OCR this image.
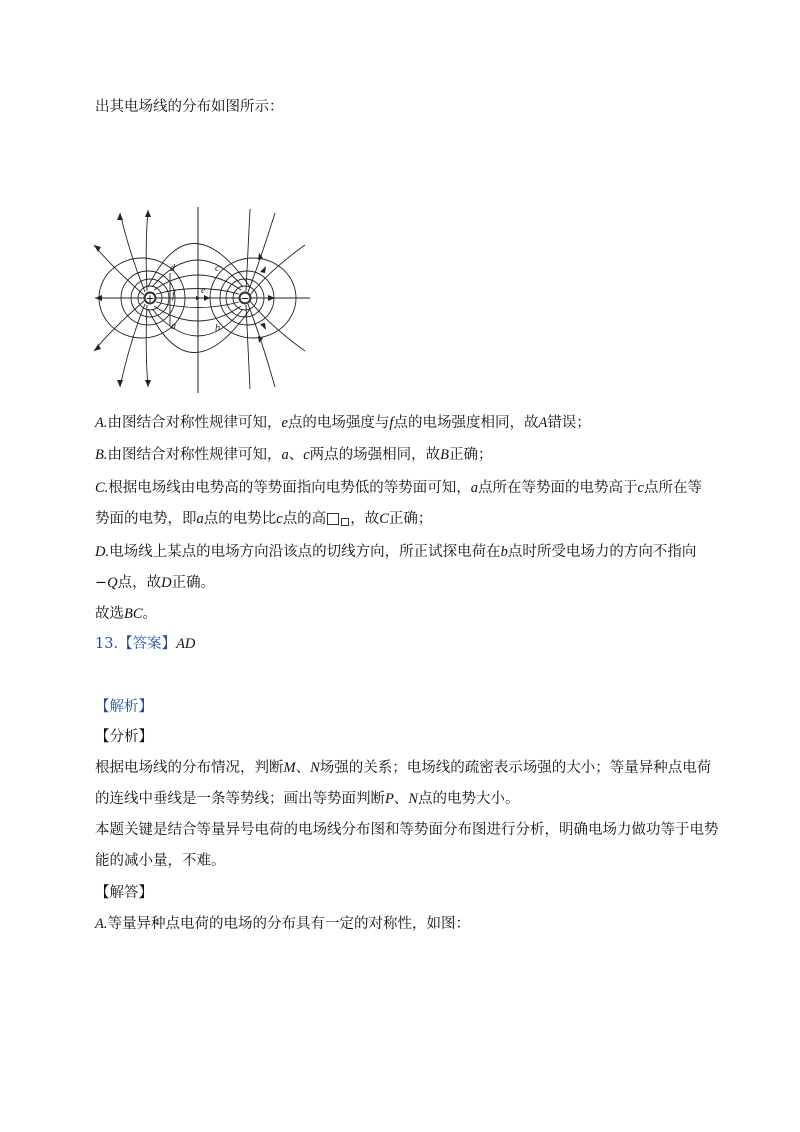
出其电场线的分布如图所示：
+	−
d
a
c
b
e
f
A.由图结合对称性规律可知，e点的电场强度与f点的电场强度相同，故A错误；
B.由图结合对称性规律可知，a、c两点的场强相同，故B正确；
C.根据电场线由电势高的等势面指向电势低的等势面可知，a点所在等势面的电势高于c点所在等
势面的电势，即a点的电势比c点的高 ，故C正确；
D.电场线上某点的电场方向沿该点的切线方向，所正试探电荷在b点时所受电场力的方向不指向
−Q点，故D正确。
故选BC。
13.【答案】AD
【解析】
【分析】
根据电场线的分布情况，判断M、N场强的关系；电场线的疏密表示场强的大小；等量异种点电荷
的连线中垂线是一条等势线；画出等势面判断P、N点的电势大小。
本题关键是结合等量异号电荷的电场线分布图和等势面分布图进行分析，明确电场力做功等于电势
能的减小量，不难。
【解答】
A.等量异种点电荷的电场的分布具有一定的对称性，如图：
